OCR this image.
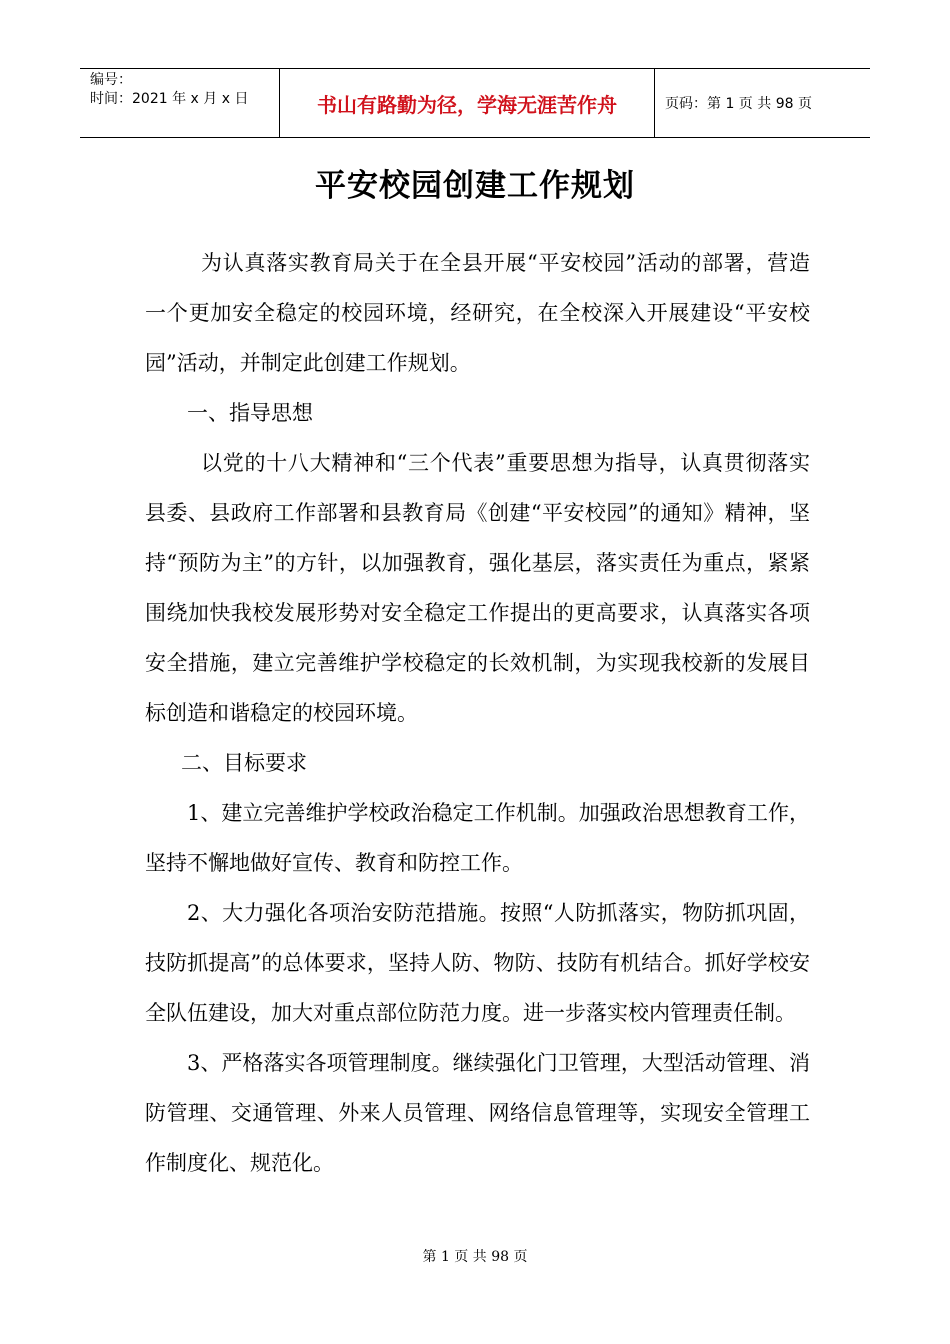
编号：
时间：2021 年 x 月 x 日	书山有路勤为径，学海无涯苦作舟	页码：第 1 页 共 98 页
平安校园创建工作规划

为认真落实教育局关于在全县开展“平安校园”活动的部署，营造一个更加安全稳定的校园环境，经研究，在全校深入开展建设“平安校园”活动，并制定此创建工作规划。

一、指导思想

以党的十八大精神和“三个代表”重要思想为指导，认真贯彻落实县委、县政府工作部署和县教育局《创建“平安校园”的通知》精神，坚持“预防为主”的方针，以加强教育，强化基层，落实责任为重点，紧紧围绕加快我校发展形势对安全稳定工作提出的更高要求，认真落实各项安全措施，建立完善维护学校稳定的长效机制，为实现我校新的发展目标创造和谐稳定的校园环境。

二、目标要求

1、建立完善维护学校政治稳定工作机制。加强政治思想教育工作，坚持不懈地做好宣传、教育和防控工作。

2、大力强化各项治安防范措施。按照“人防抓落实，物防抓巩固，技防抓提高”的总体要求，坚持人防、物防、技防有机结合。抓好学校安全队伍建设，加大对重点部位防范力度。进一步落实校内管理责任制。

3、严格落实各项管理制度。继续强化门卫管理，大型活动管理、消防管理、交通管理、外来人员管理、网络信息管理等，实现安全管理工作制度化、规范化。

第 1 页 共 98 页
